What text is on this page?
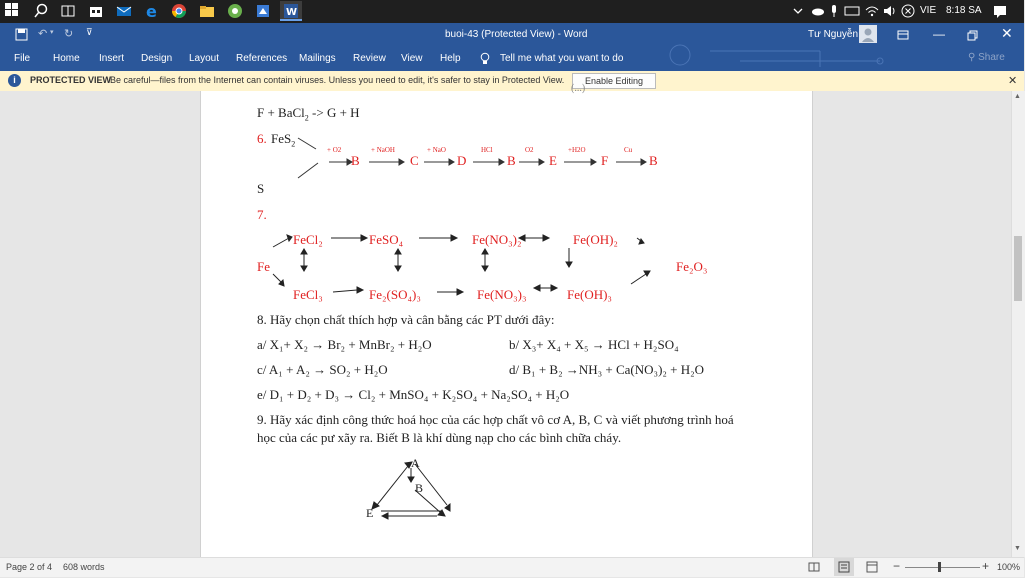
e	W	VIE 8:18 SA
↶ ▾ ↻ ⊽	buoi-43 (Protected View) - Word	Tư Nguyễn	—	✕
File Home Insert Design Layout References Mailings Review View Help	Tell me what you want to do	⚲ Share
i	PROTECTED VIEW
Be careful—files from the Internet can contain viruses. Unless you need to edit, it's safer to stay in Protected View.	Enable Editing	✕
(...)
F + BaCl$_2$ -> G + H
6. FeS$_2$
+ O2
B
+ NaOH
C
+ NaO
D
HCl
B
O2
E
+H2O
F
Cu
B
S
7.
FeCl₂	FeSO₄	Fe(NO₃)₂	Fe(OH)₂
Fe	Fe₂O₃
FeCl₃	Fe₂(SO₄)₃	Fe(NO₃)₃	Fe(OH)₃
8. Hãy chọn chất thích hợp và cân bằng các PT dưới đây:
a/ X₁+ X₂ → Br₂ + MnBr₂ + H₂O	b/ X₃+ X₄ + X₅ → HCl + H₂SO₄
c/ A₁ + A₂ → SO₂ + H₂O	d/ B₁ + B₂ →NH₃ + Ca(NO₃)₂ + H₂O
e/ D₁ + D₂ + D₃ → Cl₂ + MnSO₄ + K₂SO₄ + Na₂SO₄ + H₂O
9. Hãy xác định công thức hoá học của các hợp chất vô cơ A, B, C và viết phương trình hoá
học của các pư xãy ra. Biết B là khí dùng nạp cho các bình chữa cháy.
A
B
E
▲
▼
Page 2 of 4 608 words	−	+ 100%
